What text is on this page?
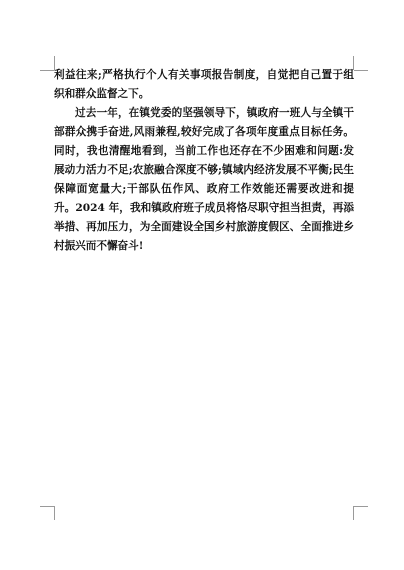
利益往来;严格执行个人有关事项报告制度，自觉把自己置于组织和群众监督之下。

过去一年，在镇党委的坚强领导下，镇政府一班人与全镇干部群众携手奋进,风雨兼程,较好完成了各项年度重点目标任务。同时，我也清醒地看到，当前工作也还存在不少困难和问题:发展动力活力不足;农旅融合深度不够;镇域内经济发展不平衡;民生保障面宽量大;干部队伍作风、政府工作效能还需要改进和提升。2024 年，我和镇政府班子成员将恪尽职守担当担责，再添举措、再加压力，为全面建设全国乡村旅游度假区、全面推进乡村振兴而不懈奋斗!
